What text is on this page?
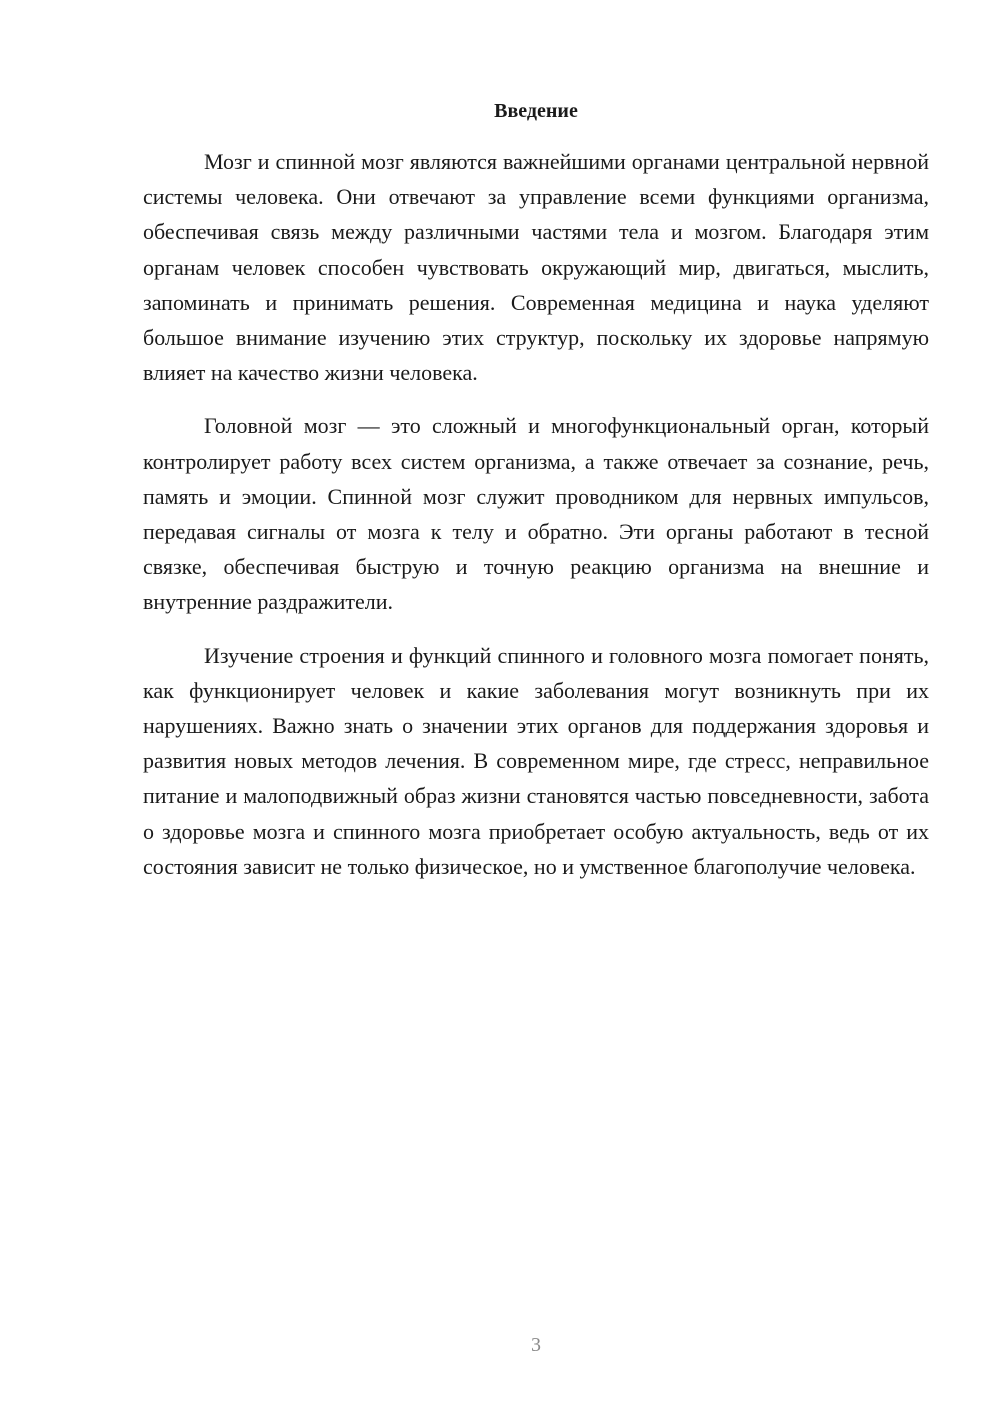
Введение

Мозг и спинной мозг являются важнейшими органами центральной нервной системы человека. Они отвечают за управление всеми функциями организма, обеспечивая связь между различными частями тела и мозгом. Благодаря этим органам человек способен чувствовать окружающий мир, двигаться, мыслить, запоминать и принимать решения. Современная медицина и наука уделяют большое внимание изучению этих структур, поскольку их здоровье напрямую влияет на качество жизни человека.

Головной мозг — это сложный и многофункциональный орган, который контролирует работу всех систем организма, а также отвечает за сознание, речь, память и эмоции. Спинной мозг служит проводником для нервных импульсов, передавая сигналы от мозга к телу и обратно. Эти органы работают в тесной связке, обеспечивая быструю и точную реакцию организма на внешние и внутренние раздражители.

Изучение строения и функций спинного и головного мозга помогает понять, как функционирует человек и какие заболевания могут возникнуть при их нарушениях. Важно знать о значении этих органов для поддержания здоровья и развития новых методов лечения. В современном мире, где стресс, неправильное питание и малоподвижный образ жизни становятся частью повседневности, забота о здоровье мозга и спинного мозга приобретает особую актуальность, ведь от их состояния зависит не только физическое, но и умственное благополучие человека.

3
